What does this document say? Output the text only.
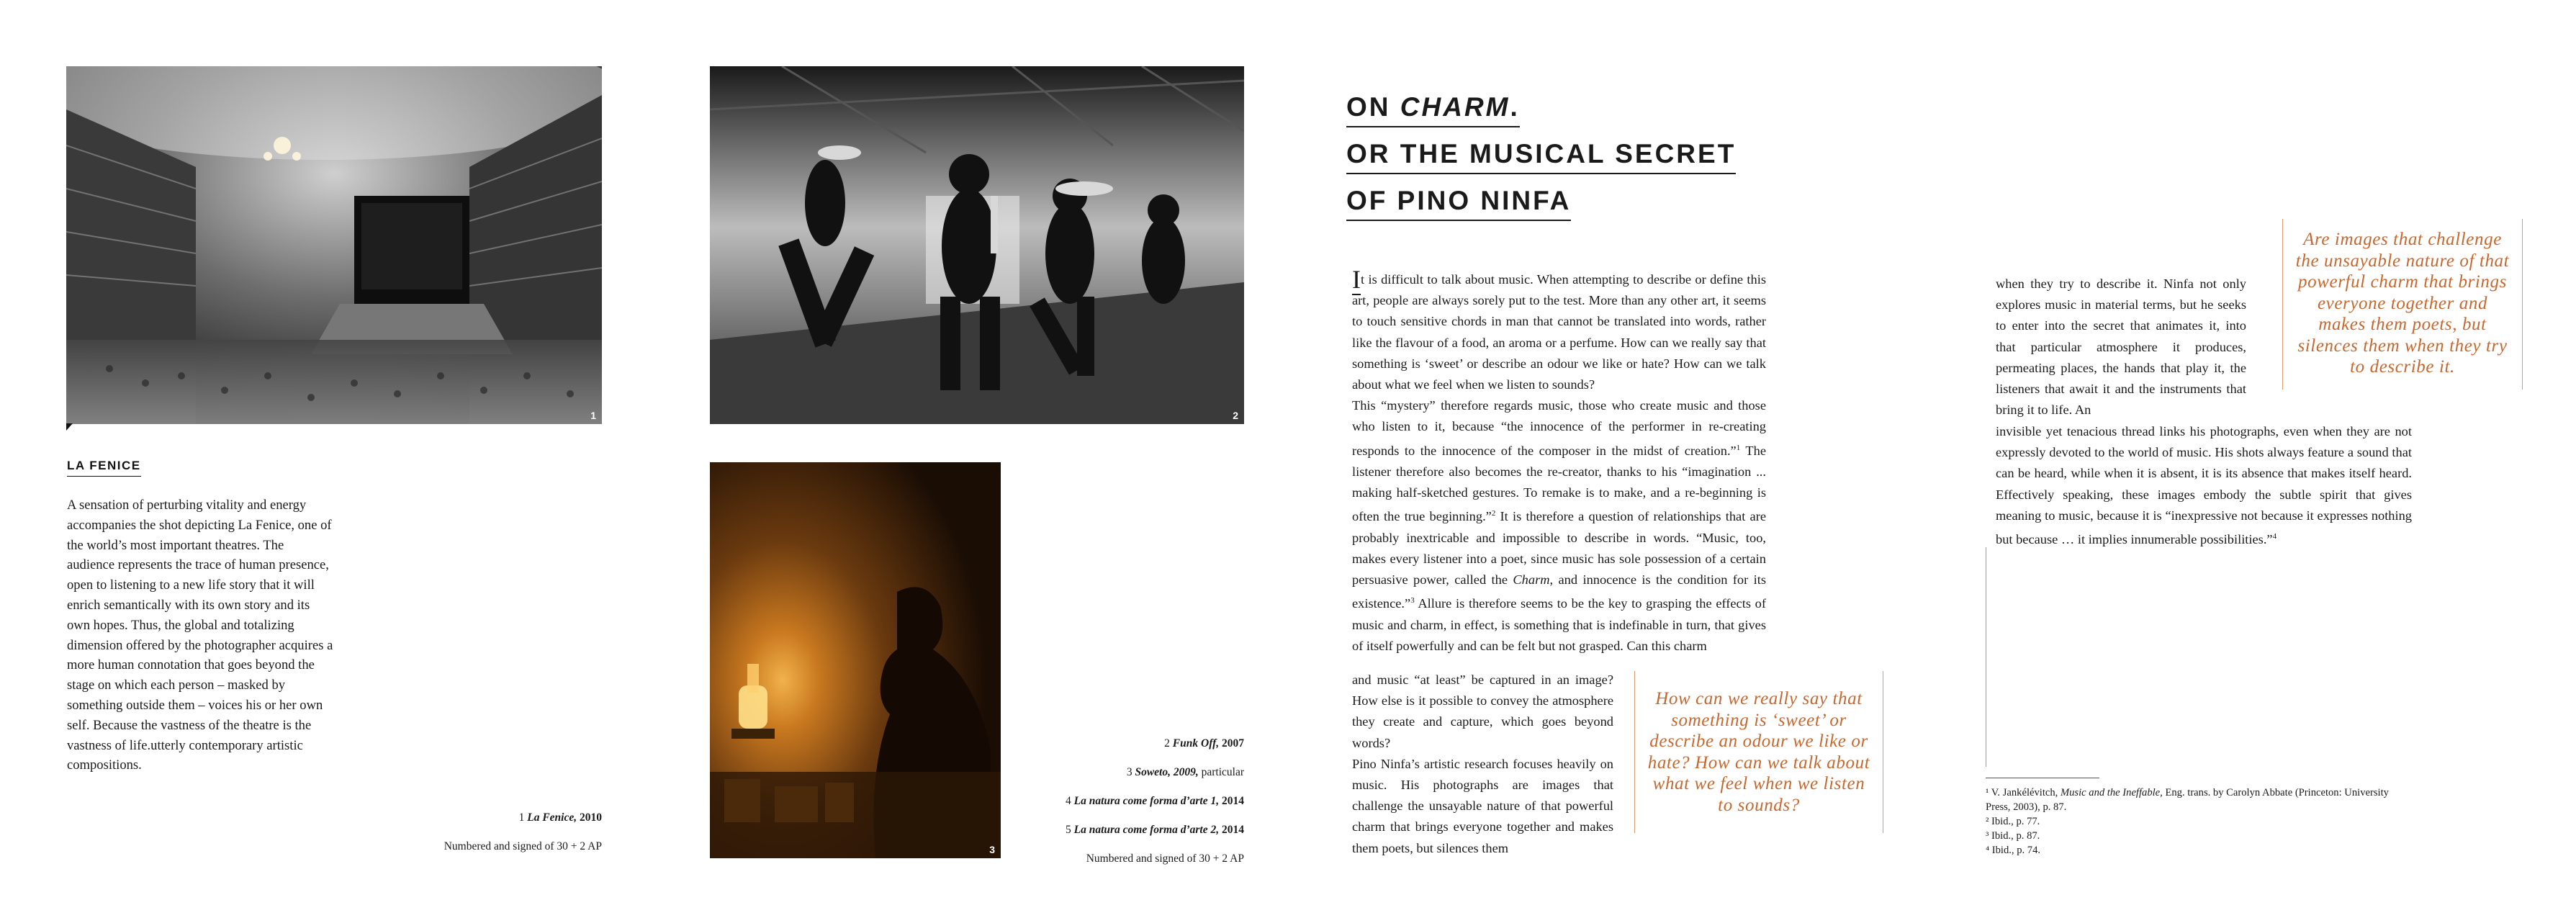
1
LA FENICE
A sensation of perturbing vitality and energy accompanies the shot depicting La Fenice, one of the world’s most important theatres. The audience represents the trace of human presence, open to listening to a new life story that it will enrich semantically with its own story and its own hopes. Thus, the global and totalizing dimension offered by the photographer acquires a more human connotation that goes beyond the stage on which each person – masked by something outside them – voices his or her own self. Because the vastness of the theatre is the vastness of life.utterly contemporary artistic compositions.
1 La Fenice, 2010
Numbered and signed of 30 + 2 AP
2
3
2 Funk Off, 2007
3 Soweto, 2009, particular
4 La natura come forma d’arte 1, 2014
5 La natura come forma d’arte 2, 2014
Numbered and signed of 30 + 2 AP
ON CHARM.
OR THE MUSICAL SECRET
OF PINO NINFA

It is difficult to talk about music. When attempting to describe or define this art, people are always sorely put to the test. More than any other art, it seems to touch sensitive chords in man that cannot be translated into words, rather like the flavour of a food, an aroma or a perfume. How can we really say that something is ‘sweet’ or describe an odour we like or hate? How can we talk about what we feel when we listen to sounds?

This “mystery” therefore regards music, those who create music and those who listen to it, because “the innocence of the performer in re-creating responds to the innocence of the composer in the midst of creation.”$^1$ The listener therefore also becomes the re-creator, thanks to his “imagination ... making half-sketched gestures. To remake is to make, and a re-beginning is often the true beginning.”$^2$ It is therefore a question of relationships that are probably inextricable and impossible to describe in words. “Music, too, makes every listener into a poet, since music has sole possession of a certain persuasive power, called the Charm, and innocence is the condition for its existence.”$^3$ Allure is therefore seems to be the key to grasping the effects of music and charm, in effect, is something that is indefinable in turn, that gives of itself powerfully and can be felt but not grasped. Can this charm

and music “at least” be captured in an image? How else is it possible to convey the atmosphere they create and capture, which goes beyond words?

Pino Ninfa’s artistic research focuses heavily on music. His photographs are images that challenge the unsayable nature of that powerful charm that brings everyone together and makes them poets, but silences them

How can we really say that something is ‘sweet’ or describe an odour we like or hate? How can we talk about what we feel when we listen to sounds?

when they try to describe it. Ninfa not only explores music in material terms, but he seeks to enter into the secret that animates it, into that particular atmosphere it produces, permeating places, the hands that play it, the listeners that await it and the instruments that bring it to life. An

invisible yet tenacious thread links his photographs, even when they are not expressly devoted to the world of music. His shots always feature a sound that can be heard, while when it is absent, it is its absence that makes itself heard. Effectively speaking, these images embody the subtle spirit that gives meaning to music, because it is “inexpressive not because it expresses nothing but because … it implies innumerable possibilities.”$^4$

Are images that challenge the unsayable nature of that powerful charm that brings everyone together and makes them poets, but silences them when they try to describe it.
¹ V. Jankélévitch, Music and the Ineffable, Eng. trans. by Carolyn Abbate (Princeton: University Press, 2003), p. 87.
² Ibid., p. 77.
³ Ibid., p. 87.
⁴ Ibid., p. 74.
